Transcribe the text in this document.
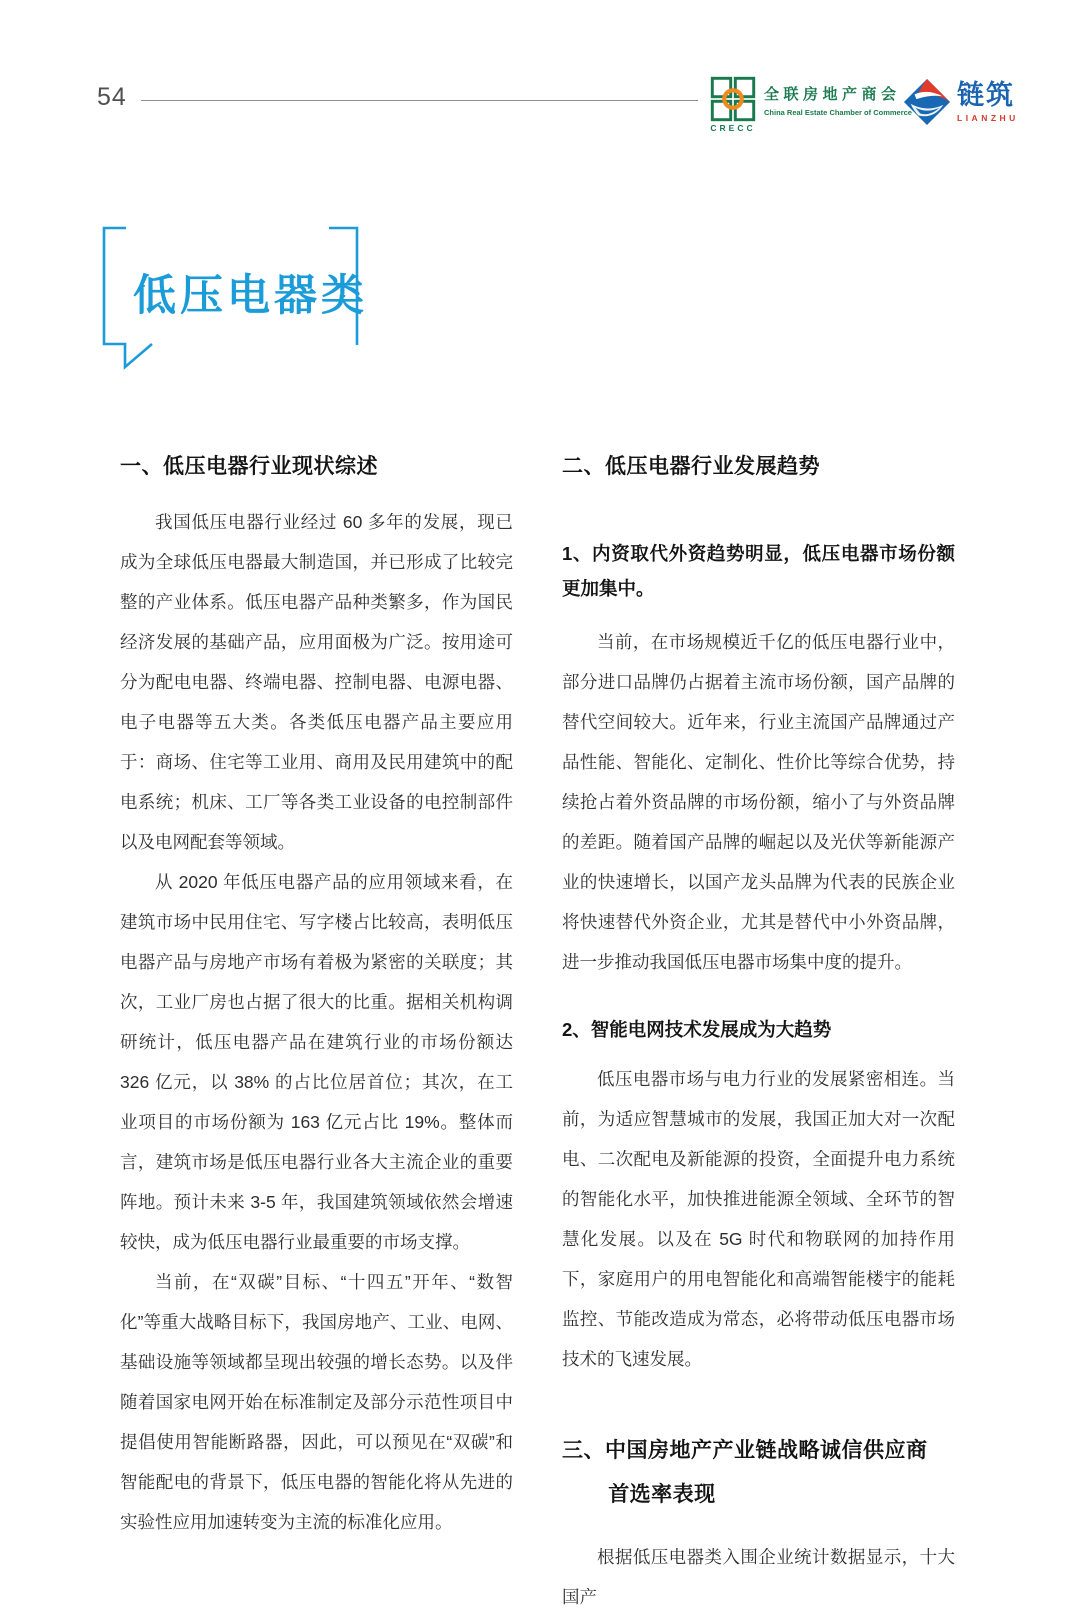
54	全联房地产商会
China Real Estate Chamber of Commerce
CRECC
链筑
LIANZHU
低压电器类
一、低压电器行业现状综述

我国低压电器行业经过 60 多年的发展，现已成为全球低压电器最大制造国，并已形成了比较完整的产业体系。低压电器产品种类繁多，作为国民经济发展的基础产品，应用面极为广泛。按用途可分为配电电器、终端电器、控制电器、电源电器、电子电器等五大类。各类低压电器产品主要应用于：商场、住宅等工业用、商用及民用建筑中的配电系统；机床、工厂等各类工业设备的电控制部件以及电网配套等领域。

从 2020 年低压电器产品的应用领域来看，在建筑市场中民用住宅、写字楼占比较高，表明低压电器产品与房地产市场有着极为紧密的关联度；其次，工业厂房也占据了很大的比重。据相关机构调研统计，低压电器产品在建筑行业的市场份额达 326 亿元，以 38% 的占比位居首位；其次，在工业项目的市场份额为 163 亿元占比 19%。整体而言，建筑市场是低压电器行业各大主流企业的重要阵地。预计未来 3-5 年，我国建筑领域依然会增速较快，成为低压电器行业最重要的市场支撑。

当前，在“双碳”目标、“十四五”开年、“数智化”等重大战略目标下，我国房地产、工业、电网、基础设施等领域都呈现出较强的增长态势。以及伴随着国家电网开始在标准制定及部分示范性项目中提倡使用智能断路器，因此，可以预见在“双碳”和智能配电的背景下，低压电器的智能化将从先进的实验性应用加速转变为主流的标准化应用。

二、低压电器行业发展趋势
1、内资取代外资趋势明显，低压电器市场份额更加集中。

当前，在市场规模近千亿的低压电器行业中，部分进口品牌仍占据着主流市场份额，国产品牌的替代空间较大。近年来，行业主流国产品牌通过产品性能、智能化、定制化、性价比等综合优势，持续抢占着外资品牌的市场份额，缩小了与外资品牌的差距。随着国产品牌的崛起以及光伏等新能源产业的快速增长，以国产龙头品牌为代表的民族企业将快速替代外资企业，尤其是替代中小外资品牌，进一步推动我国低压电器市场集中度的提升。

2、智能电网技术发展成为大趋势

低压电器市场与电力行业的发展紧密相连。当前，为适应智慧城市的发展，我国正加大对一次配电、二次配电及新能源的投资，全面提升电力系统的智能化水平，加快推进能源全领域、全环节的智慧化发展。以及在 5G 时代和物联网的加持作用下，家庭用户的用电智能化和高端智能楼宇的能耗监控、节能改造成为常态，必将带动低压电器市场技术的飞速发展。

三、中国房地产产业链战略诚信供应商
首选率表现

根据低压电器类入围企业统计数据显示，十大国产
